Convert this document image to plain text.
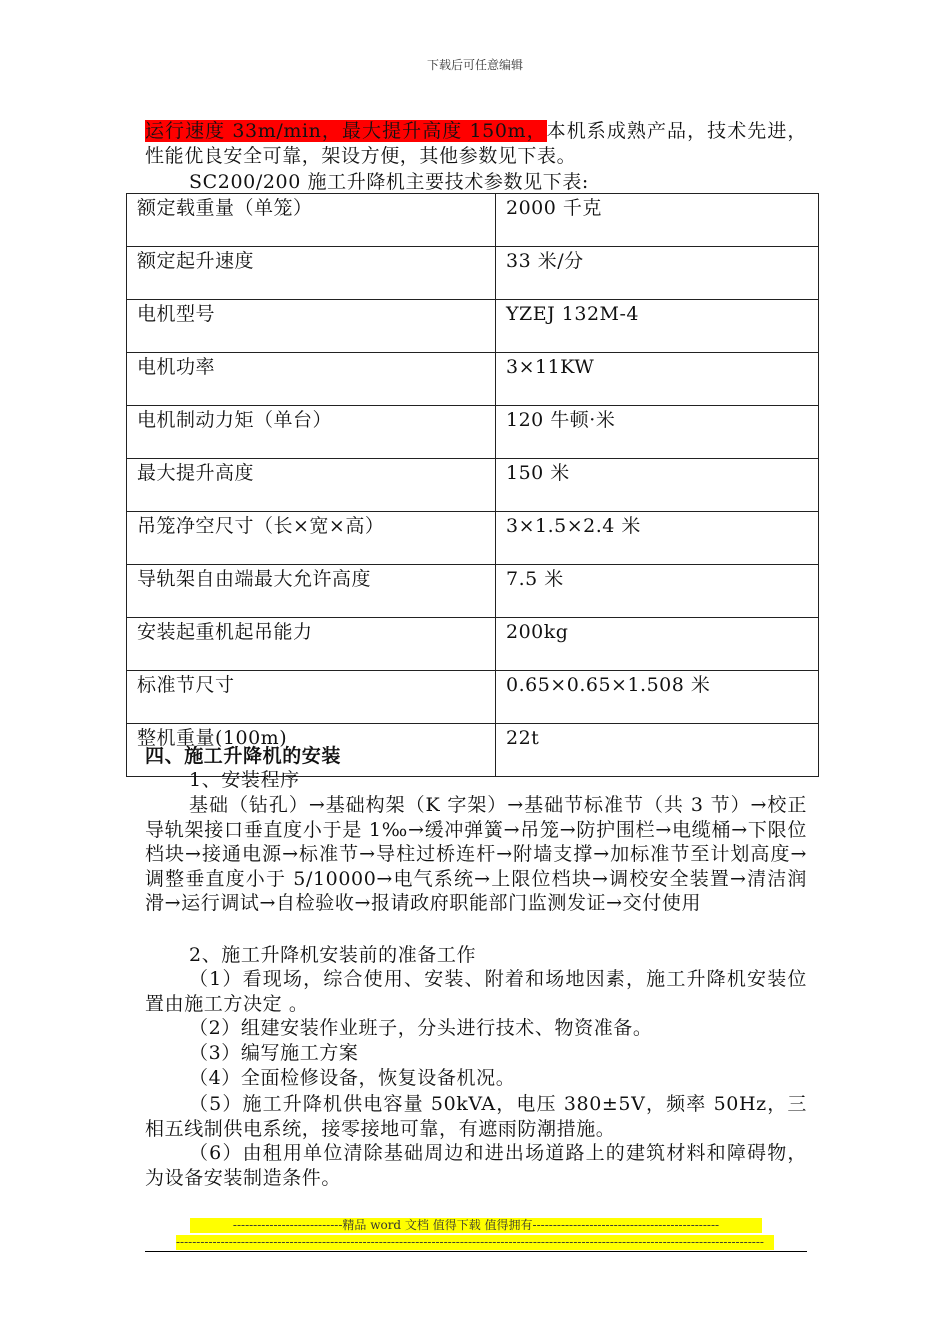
下载后可任意编辑

运行速度 33m/min，最大提升高度 150m，本机系成熟产品，技术先进，性能优良安全可靠，架设方便，其他参数见下表。

SC200/200 施工升降机主要技术参数见下表:

额定载重量（单笼）	2000 千克
额定起升速度	33 米/分
电机型号	YZEJ 132M-4
电机功率	3×11KW
电机制动力矩（单台）	120 牛顿·米
最大提升高度	150 米
吊笼净空尺寸（长×宽×高）	3×1.5×2.4 米
导轨架自由端最大允许高度	7.5 米
安装起重机起吊能力	200kg
标准节尺寸	0.65×0.65×1.508 米
整机重量(100m)	22t

四、施工升降机的安装

1、安装程序

基础（钻孔）→基础构架（K 字架）→基础节标准节（共 3 节）→校正导轨架接口垂直度小于是 1‰→缓冲弹簧→吊笼→防护围栏→电缆桶→下限位档块→接通电源→标准节→导柱过桥连杆→附墙支撑→加标准节至计划高度→调整垂直度小于 5/10000→电气系统→上限位档块→调校安全装置→清洁润滑→运行调试→自检验收→报请政府职能部门监测发证→交付使用

2、施工升降机安装前的准备工作

（1）看现场，综合使用、安装、附着和场地因素，施工升降机安装位置由施工方决定 。

（2）组建安装作业班子，分头进行技术、物资准备。

（3）编写施工方案

（4）全面检修设备，恢复设备机况。

（5）施工升降机供电容量 50kVA，电压 380±5V，频率 50Hz，三相五线制供电系统，接零接地可靠，有遮雨防潮措施。

（6）由租用单位清除基础周边和进出场道路上的建筑材料和障碍物，为设备安装制造条件。

---------------------------精品 word 文档 值得下载 值得拥有----------------------------------------------
-------------------------------------------------------------------------------------------------------------------------------------------------
